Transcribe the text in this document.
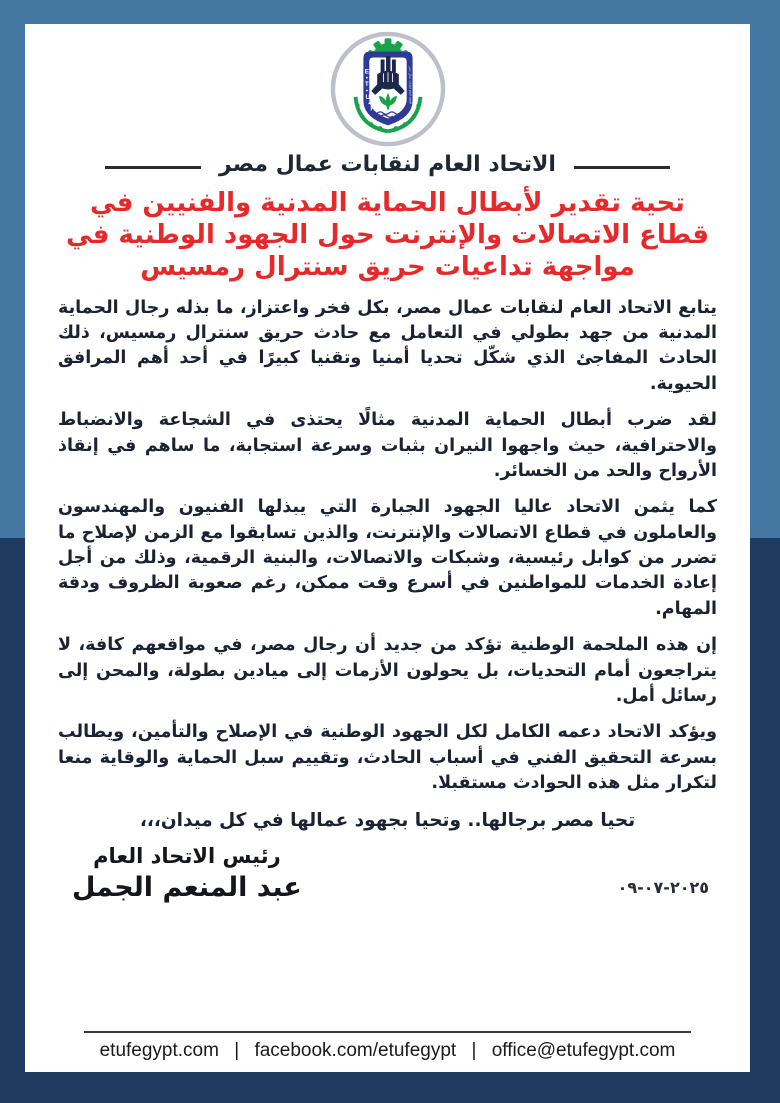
E
T
U
F
الاتحاد العام لنقابات عمال مصر
الاتحاد العام لنقابات عمال مصر
تحية تقدير لأبطال الحماية المدنية والفنيين في
قطاع الاتصالات والإنترنت حول الجهود الوطنية في
مواجهة تداعيات حريق سنترال رمسيس

يتابع الاتحاد العام لنقابات عمال مصر، بكل فخر واعتزاز، ما بذله رجال الحماية المدنية من جهد بطولي في التعامل مع حادث حريق سنترال رمسيس، ذلك الحادث المفاجئ الذي شكّل تحديا أمنيا وتقنيا كبيرًا في أحد أهم المرافق الحيوية.

لقد ضرب أبطال الحماية المدنية مثالًا يحتذى في الشجاعة والانضباط والاحترافية، حيث واجهوا النيران بثبات وسرعة استجابة، ما ساهم في إنقاذ الأرواح والحد من الخسائر.

كما يثمن الاتحاد عاليا الجهود الجبارة التي يبذلها الفنيون والمهندسون والعاملون في قطاع الاتصالات والإنترنت، والذين تسابقوا مع الزمن لإصلاح ما تضرر من كوابل رئيسية، وشبكات والاتصالات، والبنية الرقمية، وذلك من أجل إعادة الخدمات للمواطنين في أسرع وقت ممكن، رغم صعوبة الظروف ودقة المهام.

إن هذه الملحمة الوطنية تؤكد من جديد أن رجال مصر، في مواقعهم كافة، لا يتراجعون أمام التحديات، بل يحولون الأزمات إلى ميادين بطولة، والمحن إلى رسائل أمل.

ويؤكد الاتحاد دعمه الكامل لكل الجهود الوطنية في الإصلاح والتأمين، ويطالب بسرعة التحقيق الفني في أسباب الحادث، وتقييم سبل الحماية والوقاية منعا لتكرار مثل هذه الحوادث مستقبلا.

تحيا مصر برجالها.. وتحيا بجهود عمالها في كل ميدان،،،
رئيس الاتحاد العام
عبد المنعم الجمل	٢٠٢٥-٠٧-٠٩
etufegypt.com | facebook.com/etufegypt | office@etufegypt.com
